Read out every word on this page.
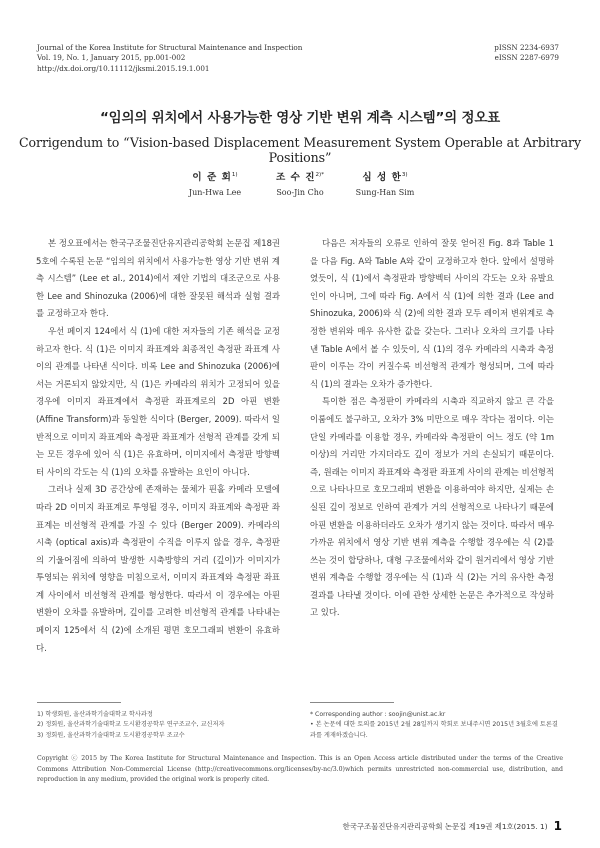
Journal of the Korea Institute for Structural Maintenance and Inspection
Vol. 19, No. 1, January 2015, pp.001-002
http://dx.doi.org/10.11112/jksmi.2015.19.1.001
pISSN 2234-6937
eISSN 2287-6979
“임의의 위치에서 사용가능한 영상 기반 변위 계측 시스템”의 정오표
Corrigendum to “Vision-based Displacement Measurement System Operable at Arbitrary Positions”
이 준 회$^{1)}$
Jun-Hwa Lee
조 수 진$^{2)*}$
Soo-Jin Cho
심 성 한$^{3)}$
Sung-Han Sim

본 정오표에서는 한국구조물진단유지관리공학회 논문집 제18권 5호에 수록된 논문 “임의의 위치에서 사용가능한 영상 기반 변위 계측 시스템” (Lee et al., 2014)에서 제안 기법의 대조군으로 사용한 Lee and Shinozuka (2006)에 대한 잘못된 해석과 실험 결과를 교정하고자 한다.

우선 페이지 124에서 식 (1)에 대한 저자들의 기존 해석을 교정하고자 한다. 식 (1)은 이미지 좌표계와 최종적인 측정판 좌표계 사이의 관계를 나타낸 식이다. 비록 Lee and Shinozuka (2006)에서는 거론되지 않았지만, 식 (1)은 카메라의 위치가 고정되어 있을 경우에 이미지 좌표계에서 측정판 좌표계로의 2D 아핀 변환 (Affine Transform)과 동일한 식이다 (Berger, 2009). 따라서 일반적으로 이미지 좌표계와 측정판 좌표계가 선형적 관계를 갖게 되는 모든 경우에 있어 식 (1)은 유효하며, 이미지에서 측정판 방향벡터 사이의 각도는 식 (1)의 오차를 유발하는 요인이 아니다.

그러나 실제 3D 공간상에 존재하는 물체가 핀홀 카메라 모델에 따라 2D 이미지 좌표계로 투영될 경우, 이미지 좌표계와 측정판 좌표계는 비선형적 관계를 가질 수 있다 (Berger 2009). 카메라의 시축 (optical axis)과 측정판이 수직을 이루지 않을 경우, 측정판의 기울어짐에 의하여 발생한 시축방향의 거리 (깊이)가 이미지가 투영되는 위치에 영향을 미침으로서, 이미지 좌표계와 측정판 좌표계 사이에서 비선형적 관계를 형성한다. 따라서 이 경우에는 아핀 변환이 오차를 유발하며, 깊이를 고려한 비선형적 관계를 나타내는 페이지 125에서 식 (2)에 소개된 평면 호모그래피 변환이 유효하다.

다음은 저자들의 오류로 인하여 잘못 얻어진 Fig. 8과 Table 1을 다음 Fig. A와 Table A와 같이 교정하고자 한다. 앞에서 설명하였듯이, 식 (1)에서 측정판과 방향벡터 사이의 각도는 오차 유발요인이 아니며, 그에 따라 Fig. A에서 식 (1)에 의한 결과 (Lee and Shinozuka, 2006)와 식 (2)에 의한 결과 모두 레이저 변위계로 측정한 변위와 매우 유사한 값을 갖는다. 그러나 오차의 크기를 나타낸 Table A에서 볼 수 있듯이, 식 (1)의 경우 카메라의 시축과 측정판이 이루는 각이 커질수록 비선형적 관계가 형성되며, 그에 따라 식 (1)의 결과는 오차가 증가한다.

특이한 점은 측정판이 카메라의 시축과 직교하지 않고 큰 각을 이룸에도 불구하고, 오차가 3% 미만으로 매우 작다는 점이다. 이는 단일 카메라를 이용할 경우, 카메라와 측정판이 어느 정도 (약 1m 이상)의 거리만 가지더라도 깊이 정보가 거의 손실되기 때문이다. 즉, 원래는 이미지 좌표계와 측정판 좌표계 사이의 관계는 비선형적으로 나타나므로 호모그래피 변환을 이용하여야 하지만, 실제는 손실된 깊이 정보로 인하여 관계가 거의 선형적으로 나타나기 때문에 아핀 변환을 이용하더라도 오차가 생기지 않는 것이다. 따라서 매우 가까운 위치에서 영상 기반 변위 계측을 수행할 경우에는 식 (2)를 쓰는 것이 합당하나, 대형 구조물에서와 같이 원거리에서 영상 기반 변위 계측을 수행할 경우에는 식 (1)과 식 (2)는 거의 유사한 측정 결과를 나타낼 것이다. 이에 관한 상세한 논문은 추가적으로 작성하고 있다.

1) 학생회원, 울산과학기술대학교 학사과정
2) 정회원, 울산과학기술대학교 도시환경공학부 연구조교수, 교신저자
3) 정회원, 울산과학기술대학교 도시환경공학부 조교수
* Corresponding author : soojin@unist.ac.kr
• 본 논문에 대한 토의를 2015년 2월 28일까지 학회로 보내주시면 2015년 3월호에 토론결과를 게재하겠습니다.
Copyright ⓒ 2015 by The Korea Institute for Structural Maintenance and Inspection. This is an Open Access article distributed under the terms of the Creative Commons Attribution Non-Commercial License (http://creativecommons.org/licenses/by-nc/3.0)which permits unrestricted non-commercial use, distribution, and reproduction in any medium, provided the original work is properly cited.
한국구조물진단유지관리공학회 논문집 제19권 제1호(2015. 1) 1
